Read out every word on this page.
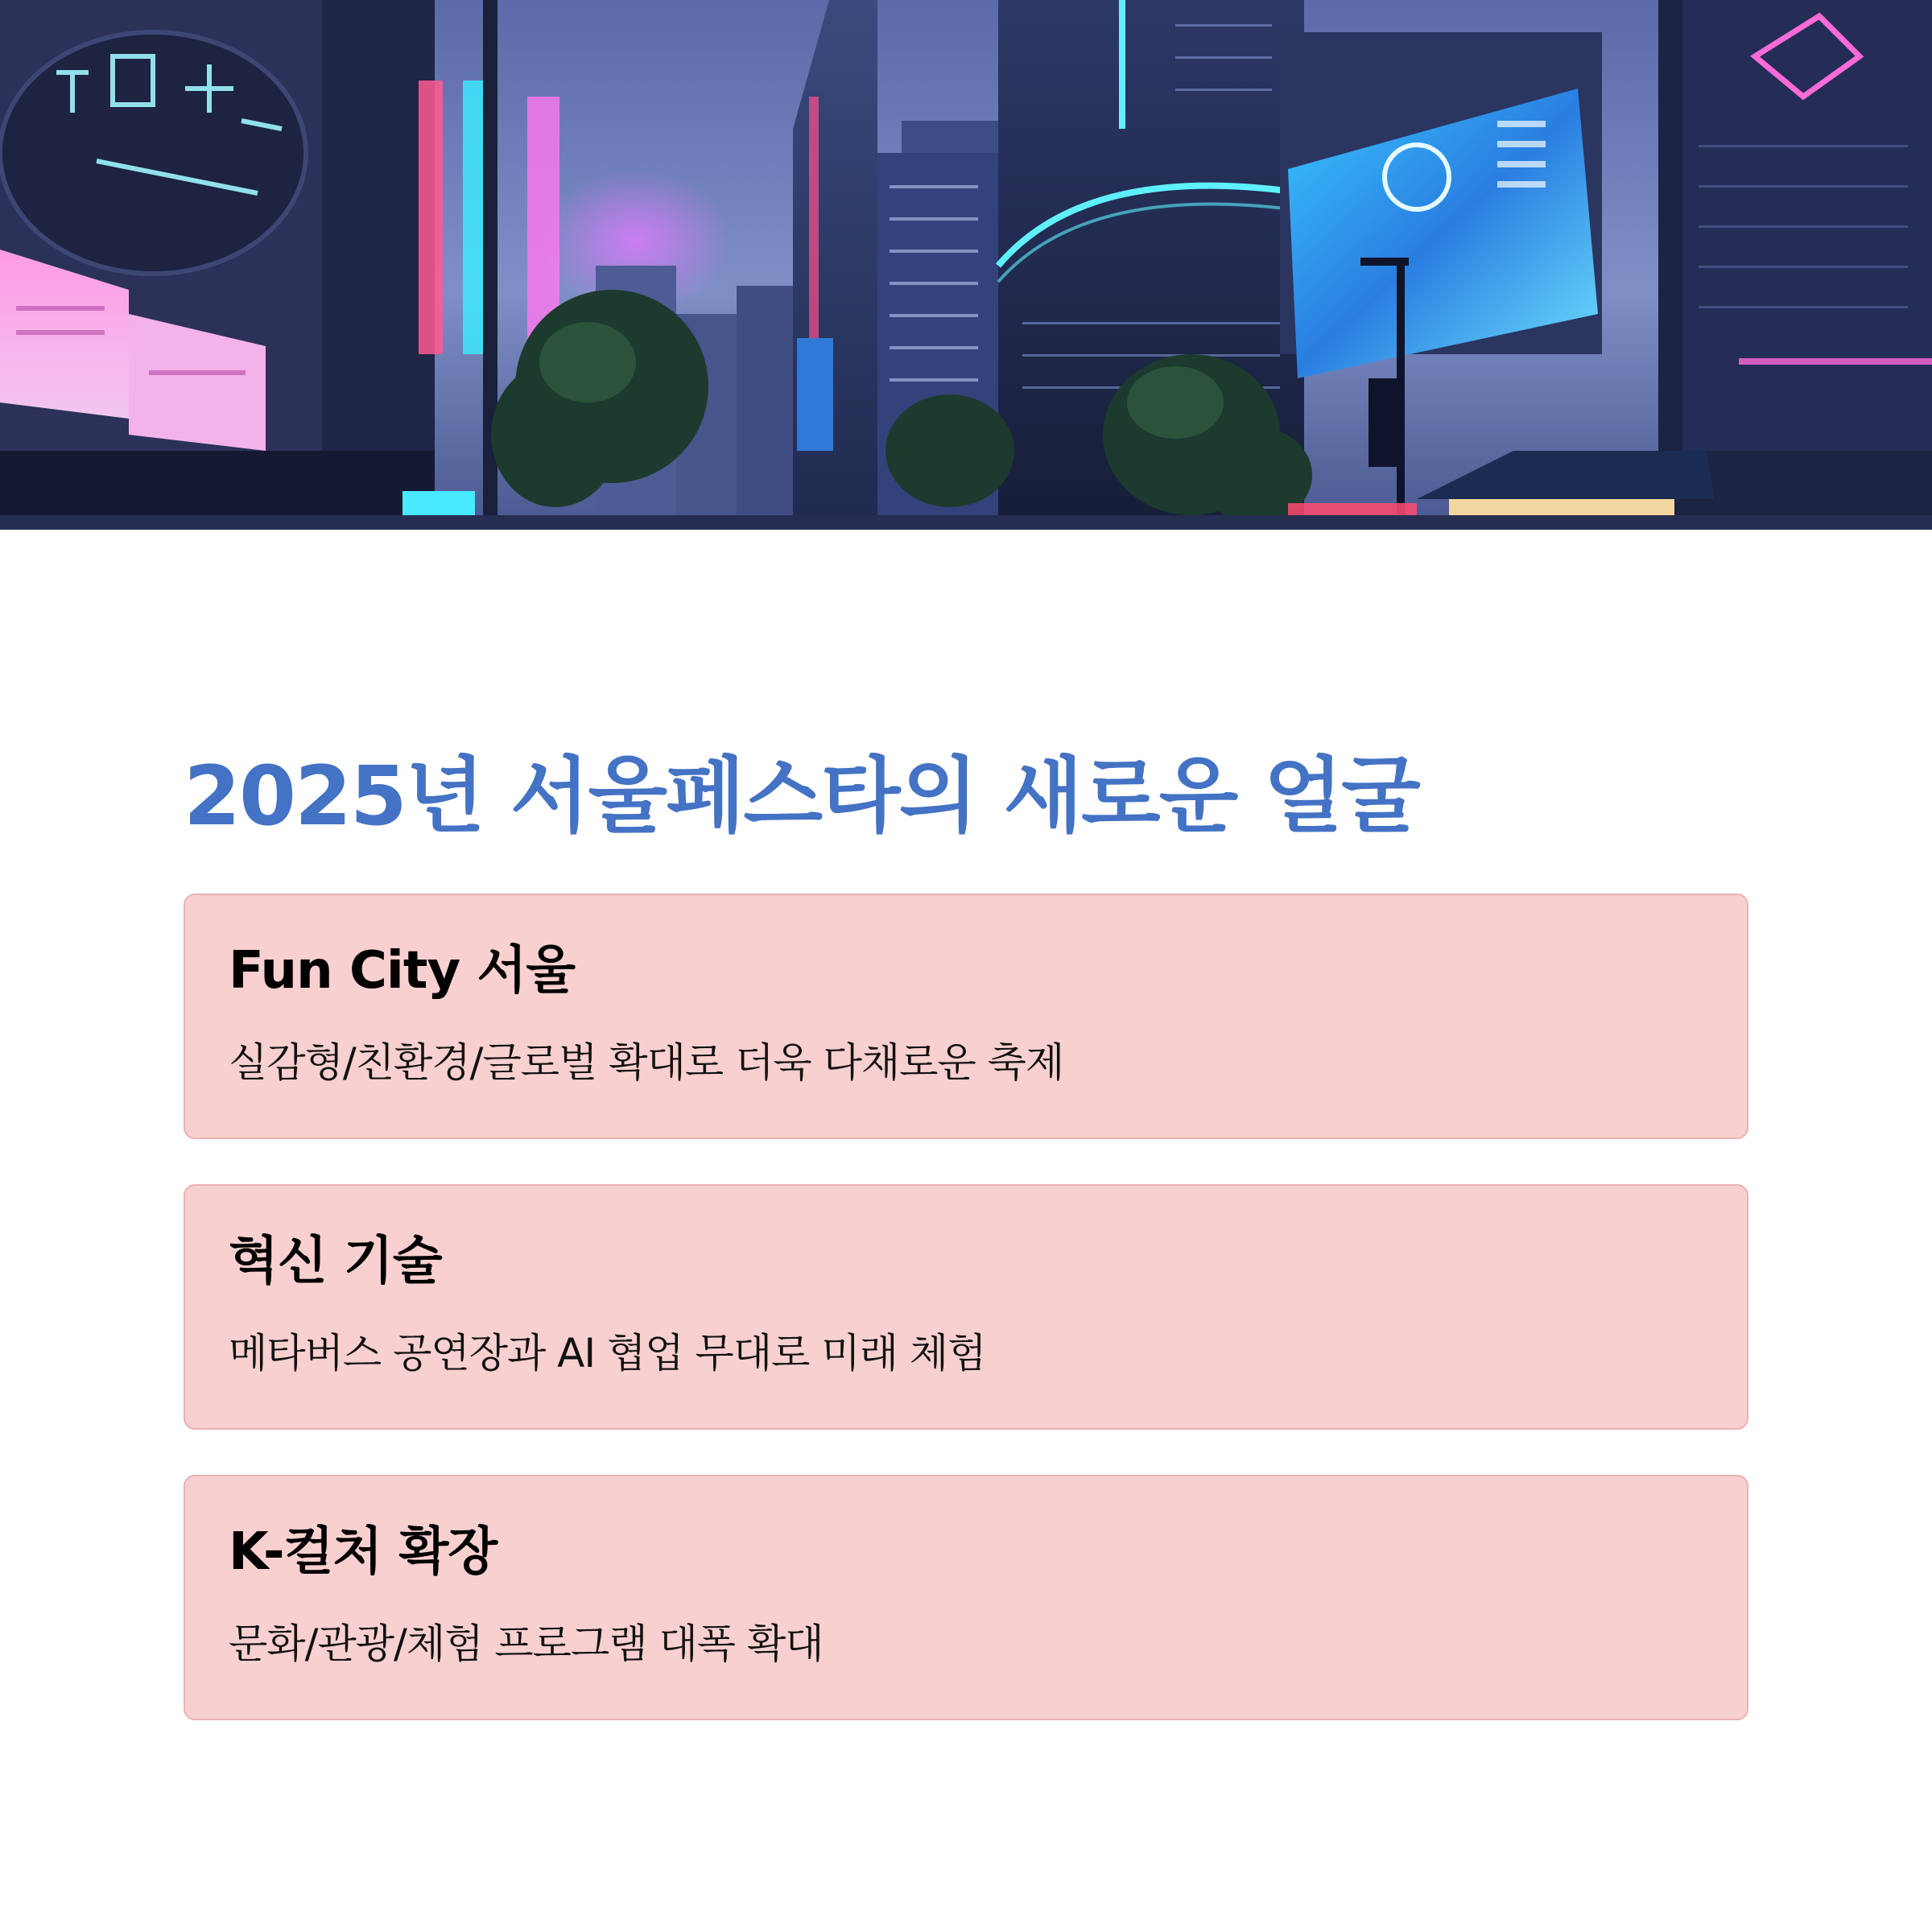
2025년 서울페스타의 새로운 얼굴
Fun City 서울

실감형/친환경/글로벌 확대로 더욱 다채로운 축제

혁신 기술

메타버스 공연장과 AI 협업 무대로 미래 체험

K-컬처 확장

문화/관광/체험 프로그램 대폭 확대
